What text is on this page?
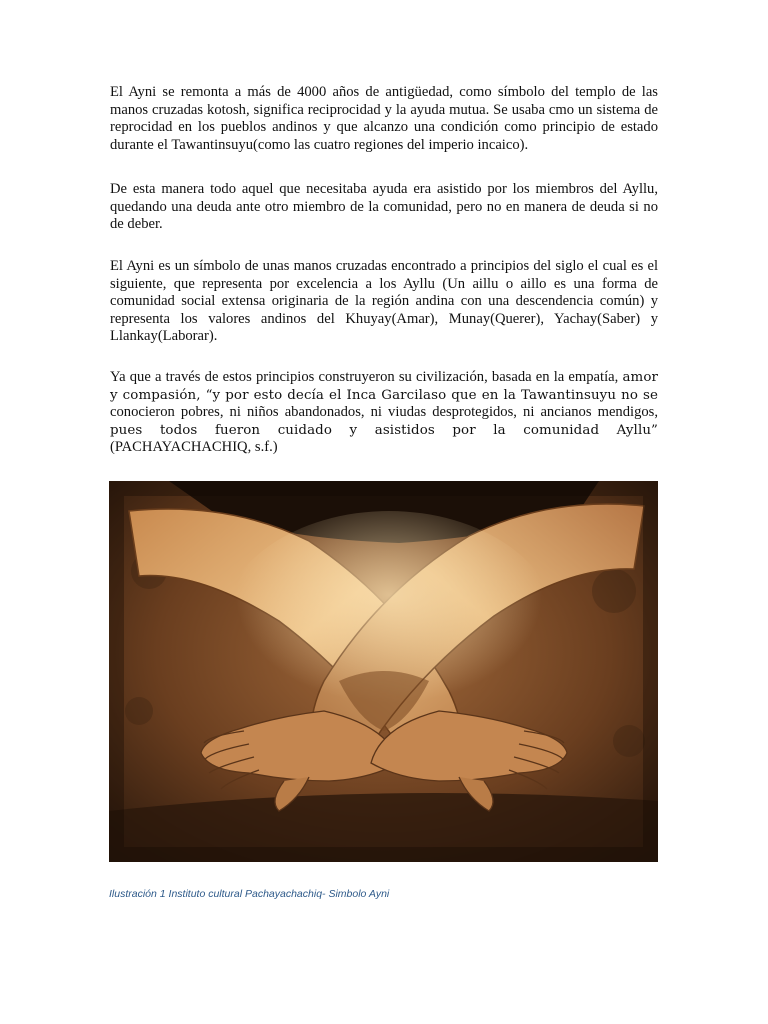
El Ayni se remonta a más de 4000 años de antigüedad, como símbolo del templo de las manos cruzadas kotosh, significa reciprocidad y la ayuda mutua. Se usaba cmo un sistema de reprocidad en los pueblos andinos y que alcanzo una condición como principio de estado durante el Tawantinsuyu(como las cuatro regiones del imperio incaico).

De esta manera todo aquel que necesitaba ayuda era asistido por los miembros del Ayllu, quedando una deuda ante otro miembro de la comunidad, pero no en manera de deuda si no de deber.

El Ayni es un símbolo de unas manos cruzadas encontrado a principios del siglo el cual es el siguiente, que representa por excelencia a los Ayllu (Un aillu o aillo es una forma de comunidad social extensa originaria de la región andina con una descendencia común) y representa los valores andinos del Khuyay(Amar), Munay(Querer), Yachay(Saber) y Llankay(Laborar).

Ya que a través de estos principios construyeron su civilización, basada en la empatía, amor y compasión, “y por esto decía el Inca Garcilaso que en la Tawantinsuyu no se conocieron pobres, ni niños abandonados, ni viudas desprotegidos, ni ancianos mendigos, pues todos fueron cuidado y asistidos por la comunidad Ayllu” (PACHAYACHACHIQ, s.f.)

Ilustración 1 Instituto cultural Pachayachachiq- Simbolo Ayni
